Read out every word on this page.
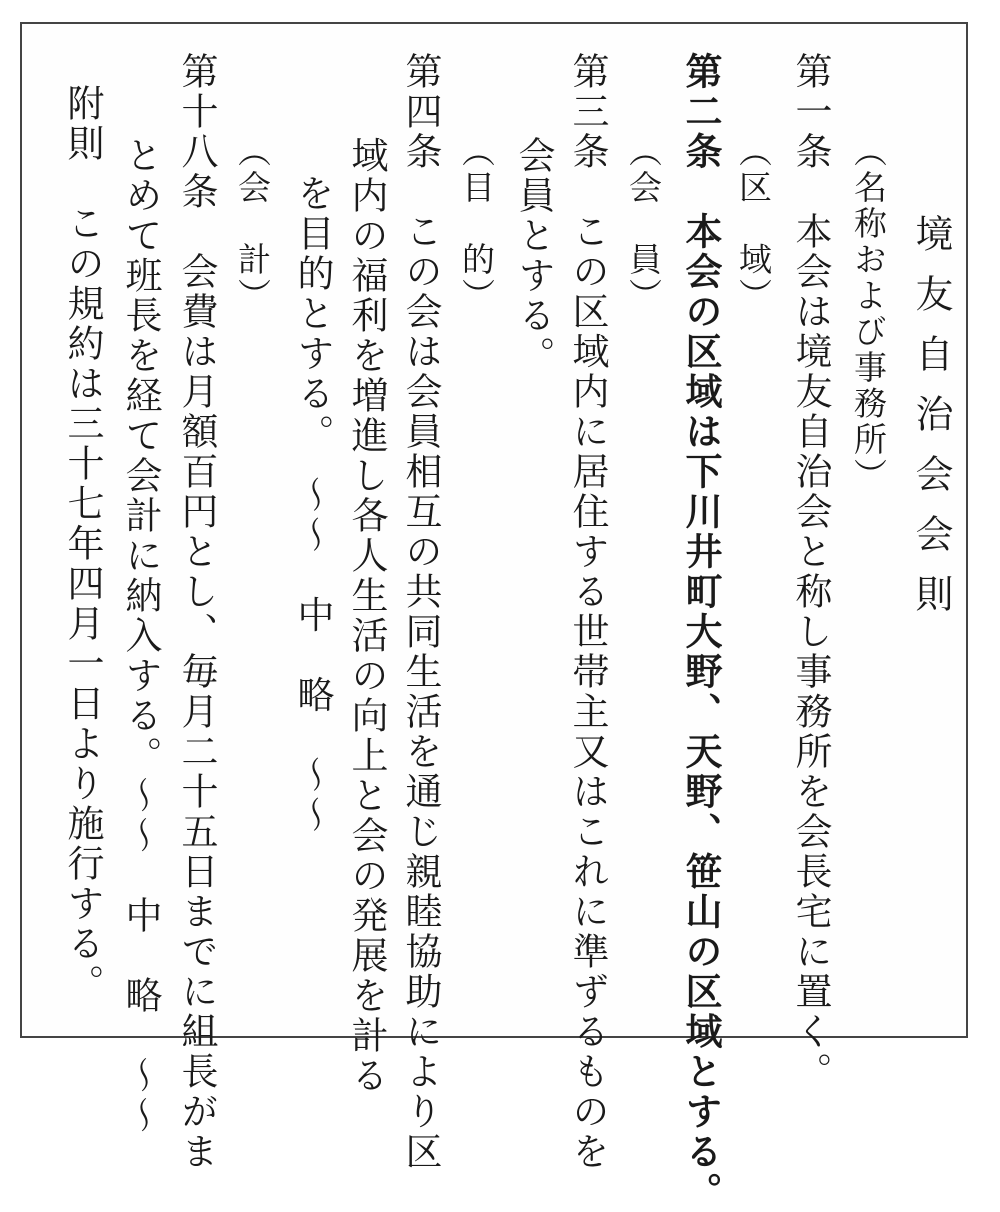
境友自治会会則
（名称および事務所）
第一条　本会は境友自治会と称し事務所を会長宅に置く。
（区　域）
第二条　本会の区域は下川井町大野、天野、笹山の区域とする。
（会　員）
第三条　この区域内に居住する世帯主又はこれに準ずるものを
会員とする。
（目　的）
第四条　この会は会員相互の共同生活を通じ親睦協助により区
域内の福利を増進し各人生活の向上と会の発展を計る
を目的とする。　〜〜　中　略　〜〜
（会　計）
第十八条　会費は月額百円とし、毎月二十五日までに組長がま
とめて班長を経て会計に納入する。〜〜　中　略　〜〜
附則　この規約は三十七年四月一日より施行する。
